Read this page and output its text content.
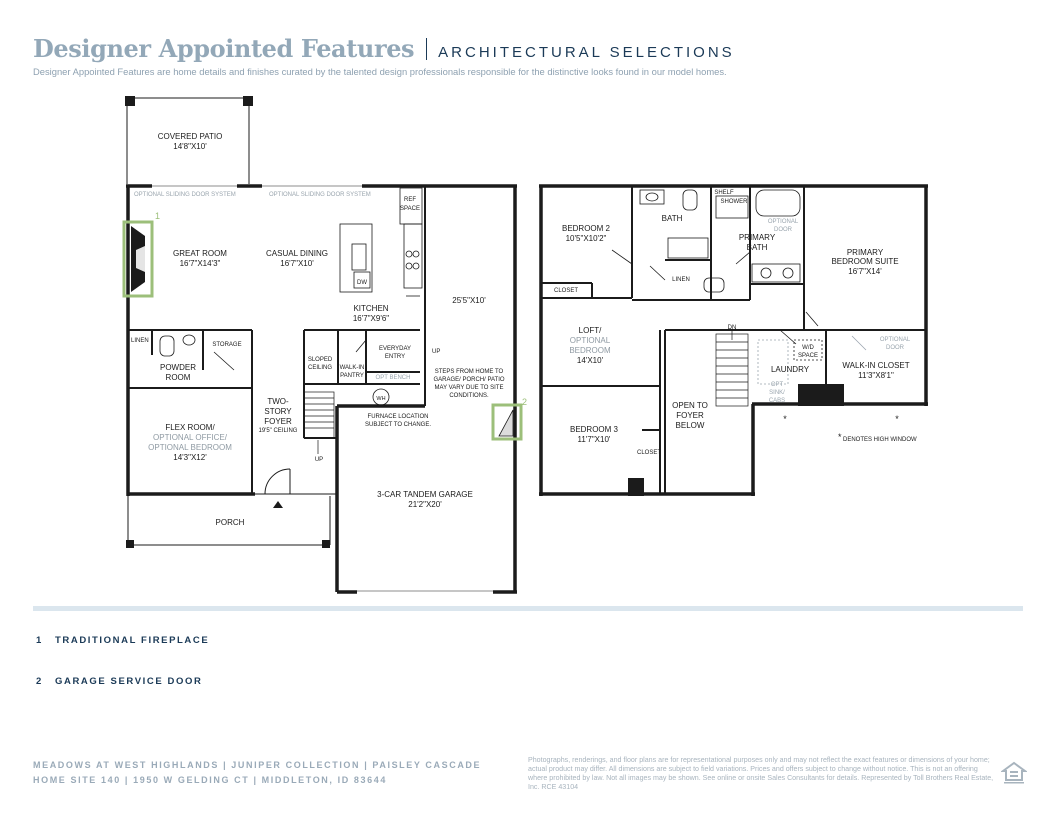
Designer Appointed Features ARCHITECTURAL SELECTIONS
Designer Appointed Features are home details and finishes curated by the talented design professionals responsible for the distinctive looks found in our model homes.
COVERED PATIO
14'8"X10'
OPTIONAL SLIDING DOOR SYSTEM	OPTIONAL SLIDING DOOR SYSTEM
REF
SPACE
GREAT ROOM
16'7"X14'3"
CASUAL DINING
16'7"X10'
DW
KITCHEN
16'7"X9'6"
25'5"X10'
LINEN
STORAGE
POWDER
ROOM
SLOPED
CEILING WALK-IN
PANTRY
EVERYDAY
ENTRY
OPT BENCH
UP
WH
STEPS FROM HOME TO
GARAGE/ PORCH/ PATIO
MAY VARY DUE TO SITE
CONDITIONS.
TWO-
STORY
FOYER
19'5" CEILING
FURNACE LOCATION
SUBJECT TO CHANGE.
UP
FLEX ROOM/
OPTIONAL OFFICE/
OPTIONAL BEDROOM
14'3"X12'
3-CAR TANDEM GARAGE
21'2"X20'
PORCH
1
2
BEDROOM 2
10'5"X10'2"
CLOSET
BATH
LINEN
SHELF
SHOWER
OPTIONAL
DOOR
PRIMARY
BATH
PRIMARY
BEDROOM SUITE
16'7"X14'
LOFT/
OPTIONAL
BEDROOM
14'X10'
DN
W/D
SPACE
LAUNDRY
OPT
SINK/
CABS
OPTIONAL
DOOR
WALK-IN CLOSET
11'3"X8'1"
BEDROOM 3
11'7"X10'
CLOSET
OPEN TO
FOYER
BELOW
*	*
* DENOTES HIGH WINDOW
1 TRADITIONAL FIREPLACE
2 GARAGE SERVICE DOOR
MEADOWS AT WEST HIGHLANDS | JUNIPER COLLECTION | PAISLEY CASCADE
HOME SITE 140 | 1950 W GELDING CT | MIDDLETON, ID 83644
Photographs, renderings, and floor plans are for representational purposes only and may not reflect the exact features or dimensions of your home; actual product may differ. All dimensions are subject to field variations. Prices and offers subject to change without notice. This is not an offering where prohibited by law. Not all images may be shown. See online or onsite Sales Consultants for details. Represented by Toll Brothers Real Estate, Inc. RCE 43104
